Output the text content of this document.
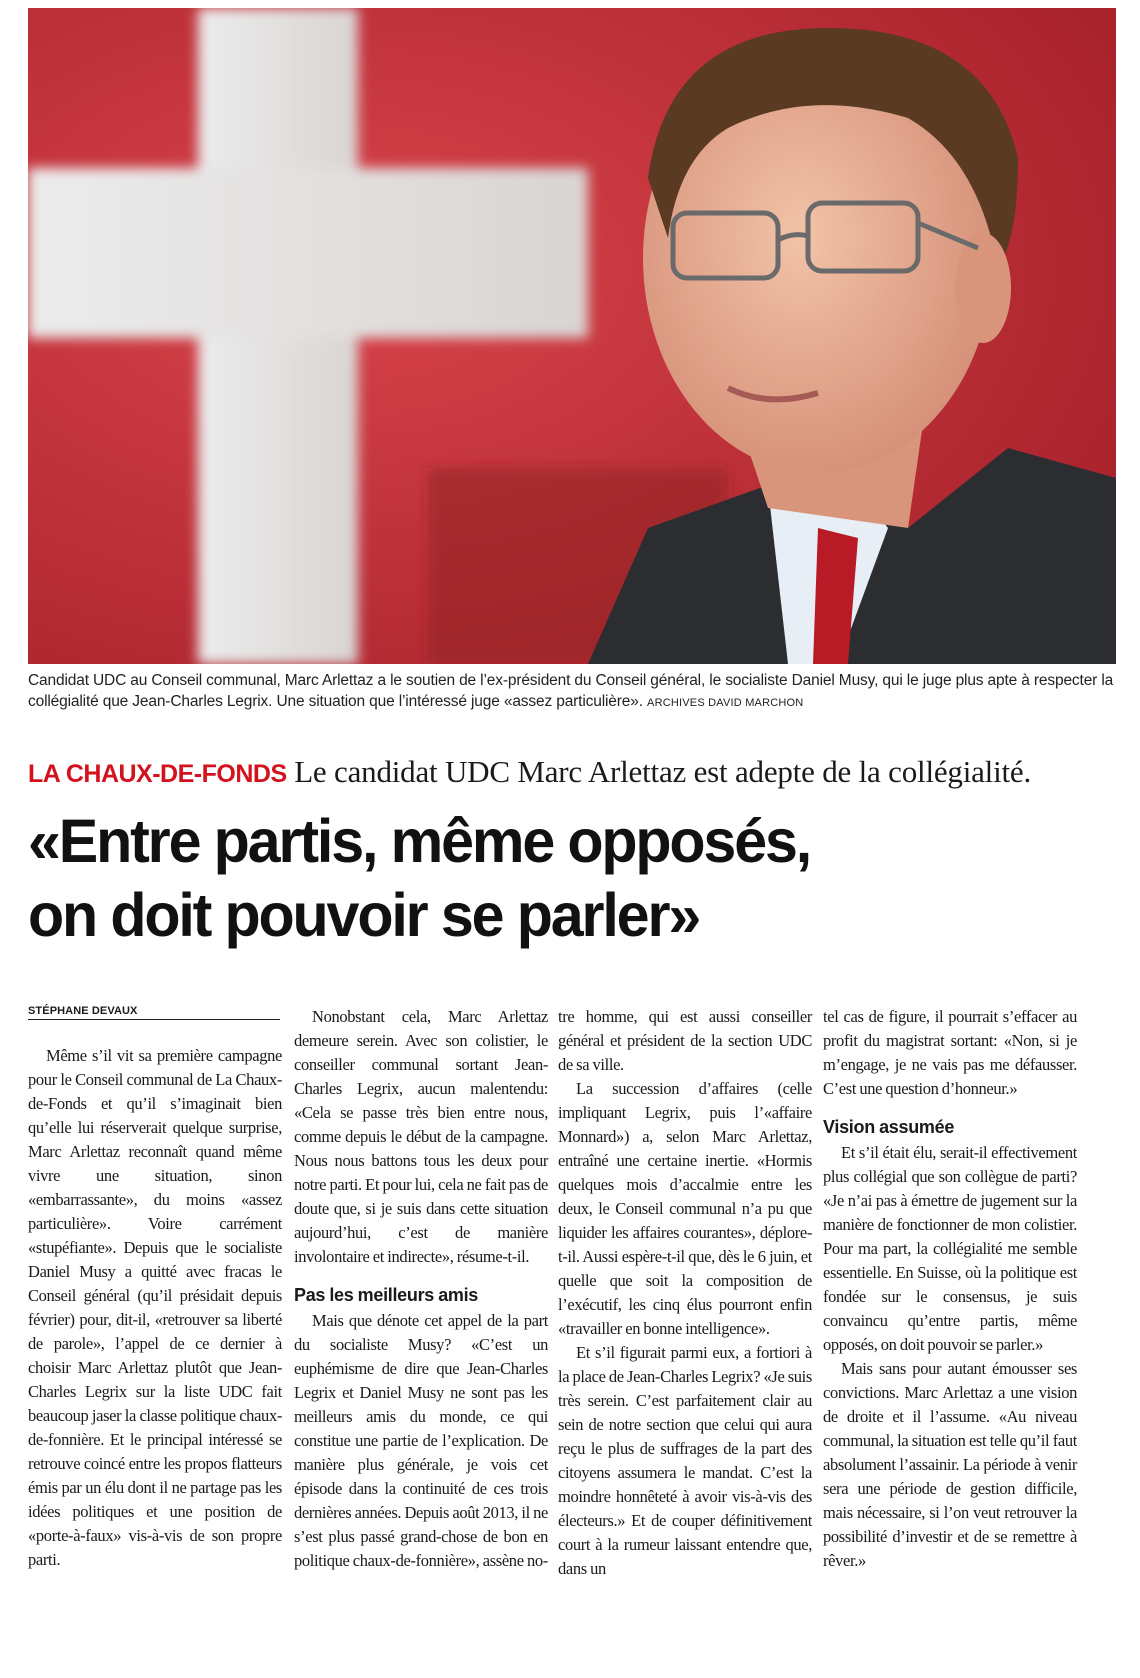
Candidat UDC au Conseil communal, Marc Arlettaz a le soutien de l’ex-président du Conseil général, le socialiste Daniel Musy, qui le juge plus apte à respecter la collégialité que Jean-Charles Legrix. Une situation que l’intéressé juge «assez particulière». ARCHIVES DAVID MARCHON
LA CHAUX-DE-FONDS Le candidat UDC Marc Arlettaz est adepte de la collégialité.
«Entre partis, même opposés,
on doit pouvoir se parler»
STÉPHANE DEVAUX

Même s’il vit sa première campagne pour le Conseil communal de La Chaux-de-Fonds et qu’il s’imaginait bien qu’elle lui réserverait quelque surprise, Marc Arlettaz reconnaît quand même vivre une situation, sinon «embarrassante», du moins «assez particulière». Voire carrément «stupéfiante». Depuis que le socialiste Daniel Musy a quitté avec fracas le Conseil général (qu’il présidait depuis février) pour, dit-il, «retrouver sa liberté de parole», l’appel de ce dernier à choisir Marc Arlettaz plutôt que Jean-Charles Legrix sur la liste UDC fait beaucoup jaser la classe politique chaux-de-fonnière. Et le principal intéressé se retrouve coincé entre les propos flatteurs émis par un élu dont il ne partage pas les idées politiques et une position de «porte-à-faux» vis-à-vis de son propre parti.

Nonobstant cela, Marc Arlettaz demeure serein. Avec son colistier, le conseiller communal sortant Jean-Charles Legrix, aucun malentendu: «Cela se passe très bien entre nous, comme depuis le début de la campagne. Nous nous battons tous les deux pour notre parti. Et pour lui, cela ne fait pas de doute que, si je suis dans cette situation aujourd’hui, c’est de manière involontaire et indirecte», résume-t-il.

Pas les meilleurs amis

Mais que dénote cet appel de la part du socialiste Musy? «C’est un euphémisme de dire que Jean-Charles Legrix et Daniel Musy ne sont pas les meilleurs amis du monde, ce qui constitue une partie de l’explication. De manière plus générale, je vois cet épisode dans la continuité de ces trois dernières années. Depuis août 2013, il ne s’est plus passé grand-chose de bon en politique chaux-de-fonnière», assène no-

tre homme, qui est aussi conseiller général et président de la section UDC de sa ville.

La succession d’affaires (celle impliquant Legrix, puis l’«affaire Monnard») a, selon Marc Arlettaz, entraîné une certaine inertie. «Hormis quelques mois d’accalmie entre les deux, le Conseil communal n’a pu que liquider les affaires courantes», déplore-t-il. Aussi espère-t-il que, dès le 6 juin, et quelle que soit la composition de l’exécutif, les cinq élus pourront enfin «travailler en bonne intelligence».

Et s’il figurait parmi eux, a fortiori à la place de Jean-Charles Legrix? «Je suis très serein. C’est parfaitement clair au sein de notre section que celui qui aura reçu le plus de suffrages de la part des citoyens assumera le mandat. C’est la moindre honnêteté à avoir vis-à-vis des électeurs.» Et de couper définitivement court à la rumeur laissant entendre que, dans un

tel cas de figure, il pourrait s’effacer au profit du magistrat sortant: «Non, si je m’engage, je ne vais pas me défausser. C’est une question d’honneur.»

Vision assumée

Et s’il était élu, serait-il effectivement plus collégial que son collègue de parti? «Je n’ai pas à émettre de jugement sur la manière de fonctionner de mon colistier. Pour ma part, la collégialité me semble essentielle. En Suisse, où la politique est fondée sur le consensus, je suis convaincu qu’entre partis, même opposés, on doit pouvoir se parler.»

Mais sans pour autant émousser ses convictions. Marc Arlettaz a une vision de droite et il l’assume. «Au niveau communal, la situation est telle qu’il faut absolument l’assainir. La période à venir sera une période de gestion difficile, mais nécessaire, si l’on veut retrouver la possibilité d’investir et de se remettre à rêver.»
